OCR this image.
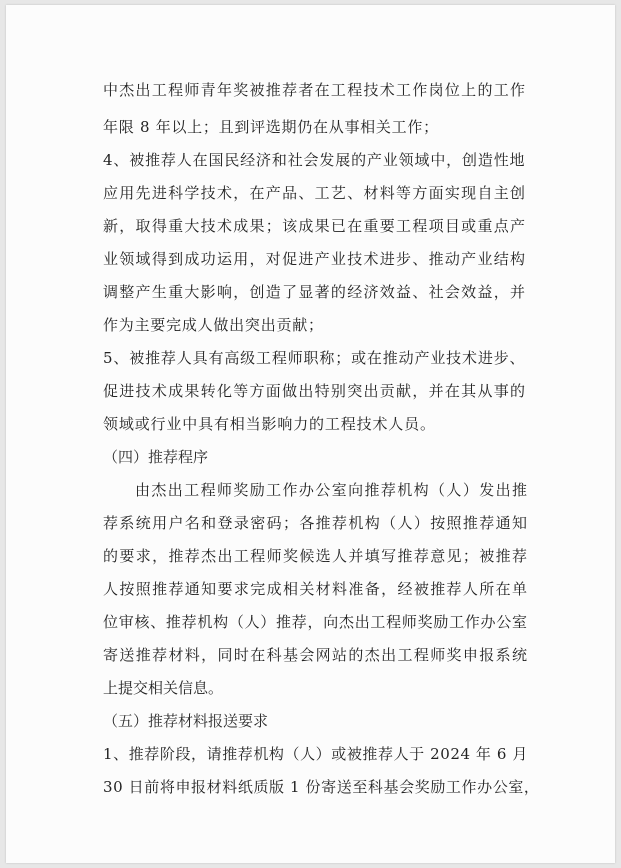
中杰出工程师青年奖被推荐者在工程技术工作岗位上的工作
年限 8 年以上；且到评选期仍在从事相关工作；
4、被推荐人在国民经济和社会发展的产业领域中，创造性地
应用先进科学技术，在产品、工艺、材料等方面实现自主创
新，取得重大技术成果；该成果已在重要工程项目或重点产
业领域得到成功运用，对促进产业技术进步、推动产业结构
调整产生重大影响，创造了显著的经济效益、社会效益，并
作为主要完成人做出突出贡献；
5、被推荐人具有高级工程师职称；或在推动产业技术进步、
促进技术成果转化等方面做出特别突出贡献，并在其从事的
领域或行业中具有相当影响力的工程技术人员。
（四）推荐程序
由杰出工程师奖励工作办公室向推荐机构（人）发出推
荐系统用户名和登录密码；各推荐机构（人）按照推荐通知
的要求，推荐杰出工程师奖候选人并填写推荐意见；被推荐
人按照推荐通知要求完成相关材料准备，经被推荐人所在单
位审核、推荐机构（人）推荐，向杰出工程师奖励工作办公室
寄送推荐材料，同时在科基会网站的杰出工程师奖申报系统
上提交相关信息。
（五）推荐材料报送要求
1、推荐阶段，请推荐机构（人）或被推荐人于 2024 年 6 月
30 日前将申报材料纸质版 1 份寄送至科基会奖励工作办公室，
